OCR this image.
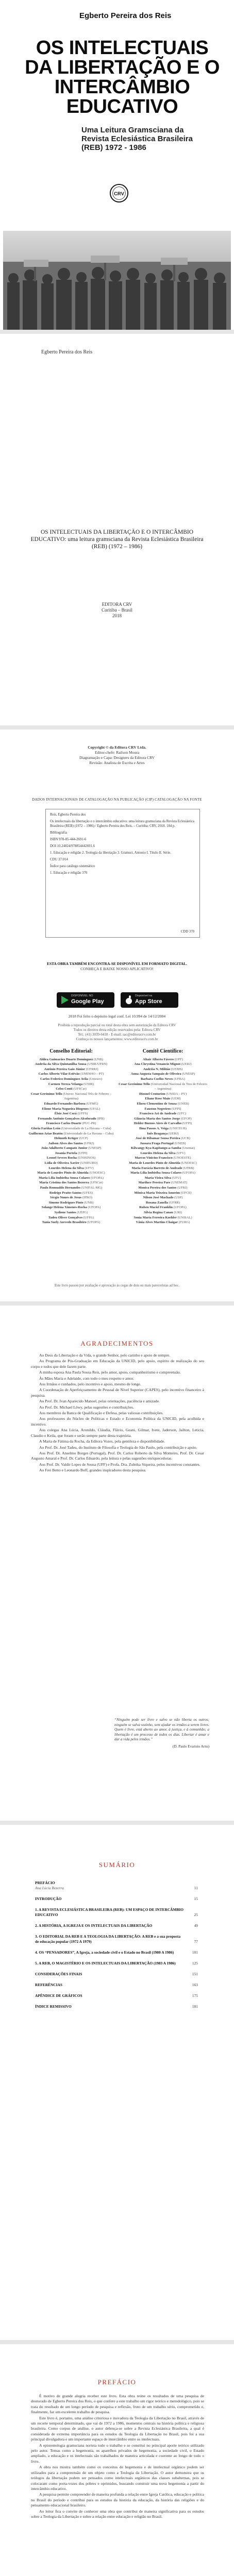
Egberto Pereira dos Reis
OS INTELECTUAIS DA LIBERTAÇÃO E O INTERCÂMBIO EDUCATIVO
Uma Leitura Gramsciana da Revista Eclesiástica Brasileira (REB) 1972 - 1986
CRV
Egberto Pereira dos Reis
OS INTELECTUAIS DA LIBERTAÇÃO E O INTERCÂMBIO EDUCATIVO: uma leitura gramsciana da Revista Eclesiástica Brasileira (REB) (1972 – 1986)
EDITORA CRV
Curitiba – Brasil
2018
Copyright © da Editora CRV Ltda.
Editor-chefe: Railson Moura
Diagramação e Capa: Designers da Editora CRV
Revisão: Analista de Escrita e Artes
DADOS INTERNACIONAIS DE CATALOGAÇÃO NA PUBLICAÇÃO (CIP) CATALOGAÇÃO NA FONTE

Reis, Egberto Pereira dos

Os intelectuais da libertação e o intercâmbio educativo: uma leitura gramsciana da Revista Eclesiástica Brasileira (REB) (1972 – 1986) / Egberto Pereira dos Reis. – Curitiba: CRV, 2018. 184 p.

Bibliografia

ISBN 978-85-444-2691-6

DOI 10.24824/978854442691.6

1. Educação e religião 2. Teologia da libertação 3. Gramsci, Antonio I. Título II. Série.

CDU 37.014

Índice para catálogo sistemático

1. Educação e religião 370

CDD 370
ESTA OBRA TAMBÉM ENCONTRA-SE DISPONÍVEL EM FORMATO DIGITAL.
CONHEÇA E BAIXE NOSSO APLICATIVO!
DISPONÍVEL NO
Google Play
Disponível na
App Store
2018 Foi feito o depósito legal conf. Lei 10.994 de 14/12/2004
Proibida a reprodução parcial ou total desta obra sem autorização da Editora CRV
Todos os direitos desta edição reservados pela: Editora CRV
Tel.: (41) 3039-6418 - E-mail: sac@editoracrv.com.br
Conheça os nossos lançamentos: www.editoracrv.com.br
Conselho Editorial:
Aldira Guimarães Duarte Domínguez (UNB)
Andréia da Silva Quintanilha Sousa (UNIR/UFRN)
Antônio Pereira Gaio Júnior (UFRRJ)
Carlos Alberto Vilar Estêvão (UMINHO – PT)
Carlos Federico Dominguez Avila (Unieuro)
Carmen Tereza Velanga (UNIR)
Celso Conti (UFSCar)
Cesar Gerónimo Tello (Univer. Nacional Três de Febrero – Argentina)
Eduardo Fernandes Barbosa (UFMG)
Elione Maria Nogueira Diogenes (UFAL)
Élsio José Corá (UFFS)
Fernando Antônio Gonçalves Alcoforado (IPB)
Francisco Carlos Duarte (PUC-PR)
Gloria Fariñas León (Universidade de La Havana – Cuba)
Guillermo Arias Beatón (Universidade de La Havana – Cuba)
Helmuth Krüger (UCP)
Jailson Alves dos Santos (UFRJ)
João Adalberto Campato Junior (UNESP)
Josania Portela (UFPI)
Leonel Severo Rocha (UNISINOS)
Lídia de Oliveira Xavier (UNIEURO)
Lourdes Helena da Silva (UFV)
Maria de Lourdes Pinto de Almeida (UNOESC)
Maria Lília Imbiriba Sousa Colares (UFOPA)
Maria Cristina dos Santos Bezerra (UFSCar)
Paulo Romualdo Hernandes (UNIFAL-MG)
Rodrigo Pratte-Santos (UFES)
Sérgio Nunes de Jesus (IFRO)
Simone Rodrigues Pinto (UNB)
Solange Helena Ximenes-Rocha (UFOPA)
Sydione Santos (UEPG)
Tadeu Oliver Gonçalves (UFPA)
Tania Suely Azevedo Brasileiro (UFOPA)
Comitê Científico:
Altair Alberto Fávero (UPF)
Ana Chrystina Venancio Mignot (UERJ)
Andréia N. Militão (UEMS)
Anna Augusta Sampaio de Oliveira (UNESP)
Barbara Coelho Neves (UFBA)
Cesar Gerónimo Tello (Universidad Nacional de Tres de Febrero – Argentina)
Diosnel Centurion (UNIDA – PY)
Eliane Rose Maio (UEM)
Elizeu Clementino de Souza (UNEB)
Fauston Negreiros (UFPI)
Francisco Ari de Andrade (UFC)
Gláucia Maria dos Santos Jorge (UFOP)
Helder Buenos Aires de Carvalho (UFPI)
Ilma Passos A. Veiga (UNICEUB)
Inês Bragança (UERJ)
José de Ribamar Sousa Pereira (UCB)
Jussara Fraga Portugal (UNEB)
Kilwangy Kya Kapitango-a-Samba (Unemat)
Lourdes Helena da Silva (UFV)
Marcos Vinicius Francisco (UNOESTE)
Maria de Lourdes Pinto de Almeida (UNOESC)
Maria Eurácia Barreto de Andrade (UFRB)
Maria Lília Imbiriba Sousa Colares (UFOPA)
Maria Vieira Silva (UFU)
Mariluce Pereira Paes (UNEMAT)
Monica Pereira dos Santos (UFRJ)
Mônica Maria Teixeira Amorim (UFCE)
Nilson José Machado (USP)
Rosana Zanella (UFRR)
Ruben Maciel Franklin (UFOPA)
Sílvia Regina Canan (URI)
Sonia Maria Ferreira Koehler (UNISAL)
Vânia Alves Martins Chaigar (FURG)
Este livro passou por avaliação e aprovação às cegas de dois ou mais pareceristas ad hoc.
AGRADECIMENTOS

Ao Deus da Libertação e da Vida, o grande Senhor, pelo carinho e apoio de sempre.

Ao Programa de Pós-Graduação em Educação da UNICID, pelo apoio, espírito de realização do seu corpo e todos que dele fazem parte.

A minha esposa Ana Paula Sousa Reis, pelo amor, apoio, companheirismo e compreensão.

Às Mães Maria e Adelaide, com todo o meu respeito e amor.

Aos Irmãos e cunhados, pelo incentivo e apoio, mesmo de longe.

A Coordenação de Aperfeiçoamento de Pessoal de Nível Superior (CAPES), pelo incentivo financeiro à pesquisa.

Ao Prof. Dr. Ivan Aparecido Manoel, pelas orientações, paciência e amizade.

Ao Prof. Dr. Michael Löwy, pelas sugestões e contribuições.

Aos membros da Banca de Qualificação e Defesa, pelas valiosas contribuições.

Aos professores do Núcleo de Políticas e Estado e Economia Política da UNICID, pela acolhida e incentivo.

Aos colegas Ana Lúcia, Aronildo, Cláudia, Flávio, Geani, Gilmar, Ivete, Jaderson, Jailton, Leticia, Claudio e Keila, que foram e serão sempre parte desta trajetória.

A Maria de Fátima da Rocha, da Editora Vozes, pela gentileza e disponibilidade.

Ao Prof. Dr. José Tadeu, do Instituto de Filosofia e Teologia de São Paulo, pela contribuição e apoio.

Aos Prof. Dr. Anselmo Borges (Portugal), Prof. Dr. Carlos Roberto da Silva Monteiro, Prof. Dr. Cesar Augusto Amaral e Prof. Dr. Carlos Eduardo, pela leitura e pelas sugestões enriquecedoras.

Aos Prof. Dr. Valdir Lopes de Sousa (UFF) e Profa. Dra. Zuleika Siqueira, pelos incentivos constantes.

Ao Frei Betto e Leonardo Boff, grandes inspiradores desta pesquisa.

“Ninguém pode ser livre e salvo se não liberta os outros; ninguém se salva sozinho, sem ajudar os irmãos a serem livres. Quem é livre, está aberto ao amor, à justiça, e à comunhão; a libertação é um processo de todos os dias. Libertar é amar e dar a vida pelos irmãos.”
(D. Paulo Evaristo Arns)
SUMÁRIO
PREFÁCIO
Ana Lúcia Bezerra	11
INTRODUÇÃO	15
1. A REVISTA ECLESIÁSTICA BRASILEIRA (REB): UM ESPAÇO DE INTERCÂMBIO EDUCATIVO	25
2. A HISTÓRIA, A IGREJA E OS INTELECTUAIS DA LIBERTAÇÃO	49
3. O EDITORIAL DA REB E A TEOLOGIA DA LIBERTAÇÃO: A REB e a sua proposta de educação popular (1972 A 1979)	77
4. OS “PENSADORES”, A Igreja, a sociedade civil e o Estado no Brasil (1980 A 1986)	101
5. A REB, O MAGISTÉRIO E OS INTELECTUAIS DA LIBERTAÇÃO (1983 A 1986)	125
CONSIDERAÇÕES FINAIS	151
REFERÊNCIAS	163
APÊNDICE DE GRÁFICOS	175
ÍNDICE REMISSIVO	181
PREFÁCIO

É motivo de grande alegria receber este livro. Esta obra reúne os resultados de uma pesquisa de doutorado de Egberto Pereira dos Reis, o que confere a este trabalho um rigor teórico e metodológico, pois se trata do resultado de um longo período de pesquisa e reflexão, fruto de um trabalho sério, comprometido e, finalmente, faz um excelente trabalho de pesquisa.

Este livro é, portanto, uma análise criteriosa e inovadora da Teologia da Libertação no Brasil, através de um recorte temporal determinado, que vai de 1972 a 1986, momentos centrais na história política e religiosa brasileira. Como corpus de análise, o autor debruça-se sobre a Revista Eclesiástica Brasileira, a qual é considerada de extrema importância para os estudos da Teologia da Libertação no Brasil, pois foi a sua principal divulgadora e um importante espaço de intercâmbio entre os intelectuais.

A epistemologia gramsciana norteia todo o trabalho e se constitui no principal aporte teórico utilizado pelo autor. Temas como a hegemonia, os aparelhos privados de hegemonia, a sociedade civil, o Estado ampliado, a educação e os intelectuais são trabalhados de maneira articulada e coerente ao longo de todo o livro.

A obra nos mostra também como os conceitos de hegemonia e de intelectual orgânico podem ser utilizados para a compreensão de um objeto como a Teologia da Libertação. O autor demonstra que os teólogos da libertação podem ser pensados como intelectuais orgânicos das classes subalternas, pois se colocaram como porta-vozes dos pobres e oprimidos, buscando construir uma nova hegemonia a partir do intercâmbio educativo.

A pesquisa permite compreender de maneira profunda a relação entre Igreja Católica, educação e política no Brasil do período e contribui para os estudos da história da educação, da história das religiões e do pensamento educacional brasileiro.

Ao leitor fica o convite de conhecer uma obra que contribui de maneira significativa para os estudos sobre a Teologia da Libertação e sobre a relação entre educação e religião no Brasil.
